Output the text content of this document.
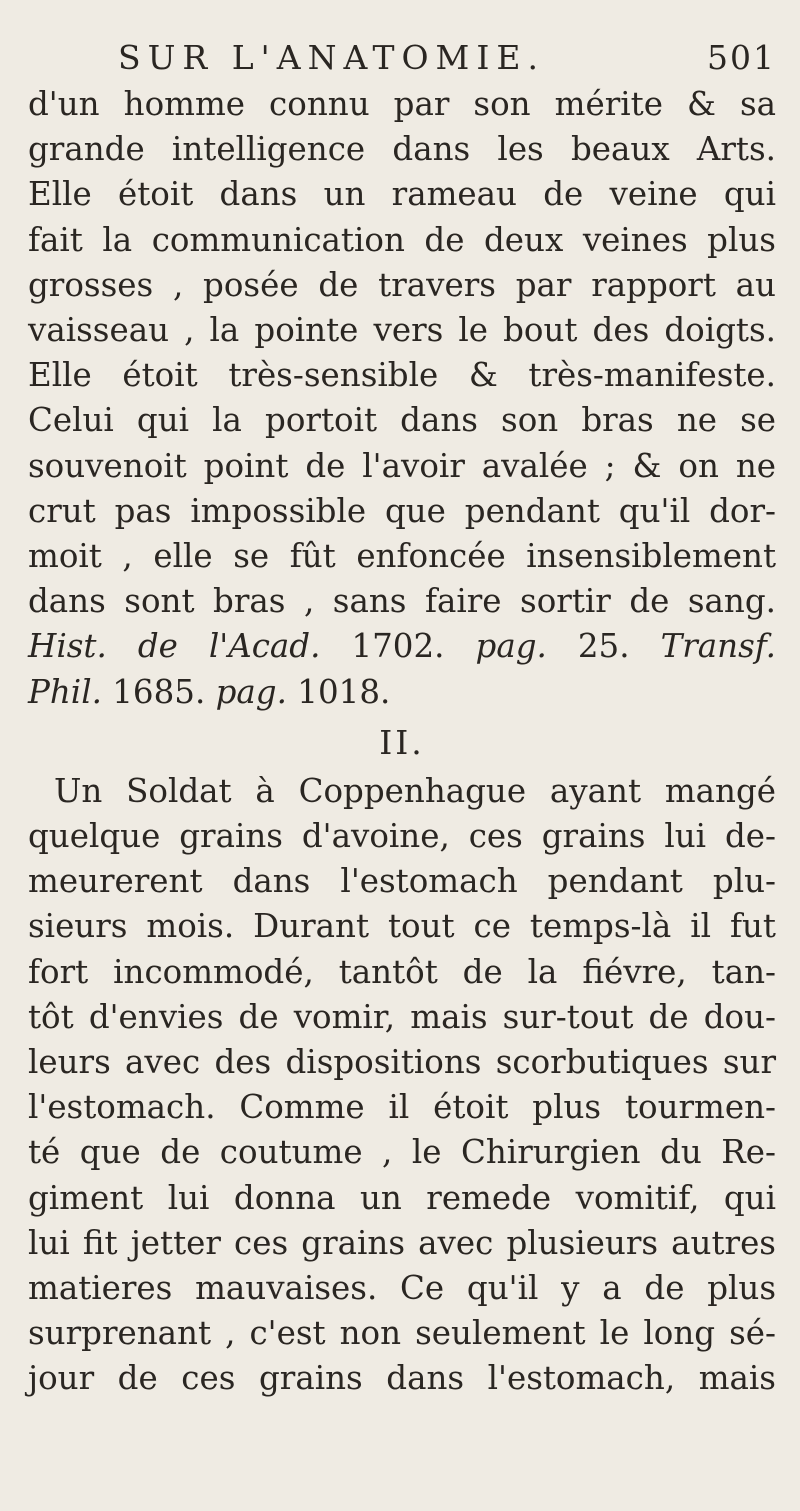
SUR L'ANATOMIE.	501

d'un homme connu par son mérite & sa

grande intelligence dans les beaux Arts.

Elle étoit dans un rameau de veine qui

fait la communication de deux veines plus

grosses , posée de travers par rapport au

vaisseau , la pointe vers le bout des doigts.

Elle étoit très-sensible & très-manifeste.

Celui qui la portoit dans son bras ne se

souvenoit point de l'avoir avalée ; & on ne

crut pas impossible que pendant qu'il dor-

moit , elle se fût enfoncée insensiblement

dans sont bras , sans faire sortir de sang.

Hist. de l'Acad. 1702. pag. 25. Transf.

Phil. 1685. pag. 1018.

II.

Un Soldat à Coppenhague ayant mangé

quelque grains d'avoine, ces grains lui de-

meurerent dans l'estomach pendant plu-

sieurs mois. Durant tout ce temps-là il fut

fort incommodé, tantôt de la fiévre, tan-

tôt d'envies de vomir, mais sur-tout de dou-

leurs avec des dispositions scorbutiques sur

l'estomach. Comme il étoit plus tourmen-

té que de coutume , le Chirurgien du Re-

giment lui donna un remede vomitif, qui

lui fit jetter ces grains avec plusieurs autres

matieres mauvaises. Ce qu'il y a de plus

surprenant , c'est non seulement le long sé-

jour de ces grains dans l'estomach, mais
